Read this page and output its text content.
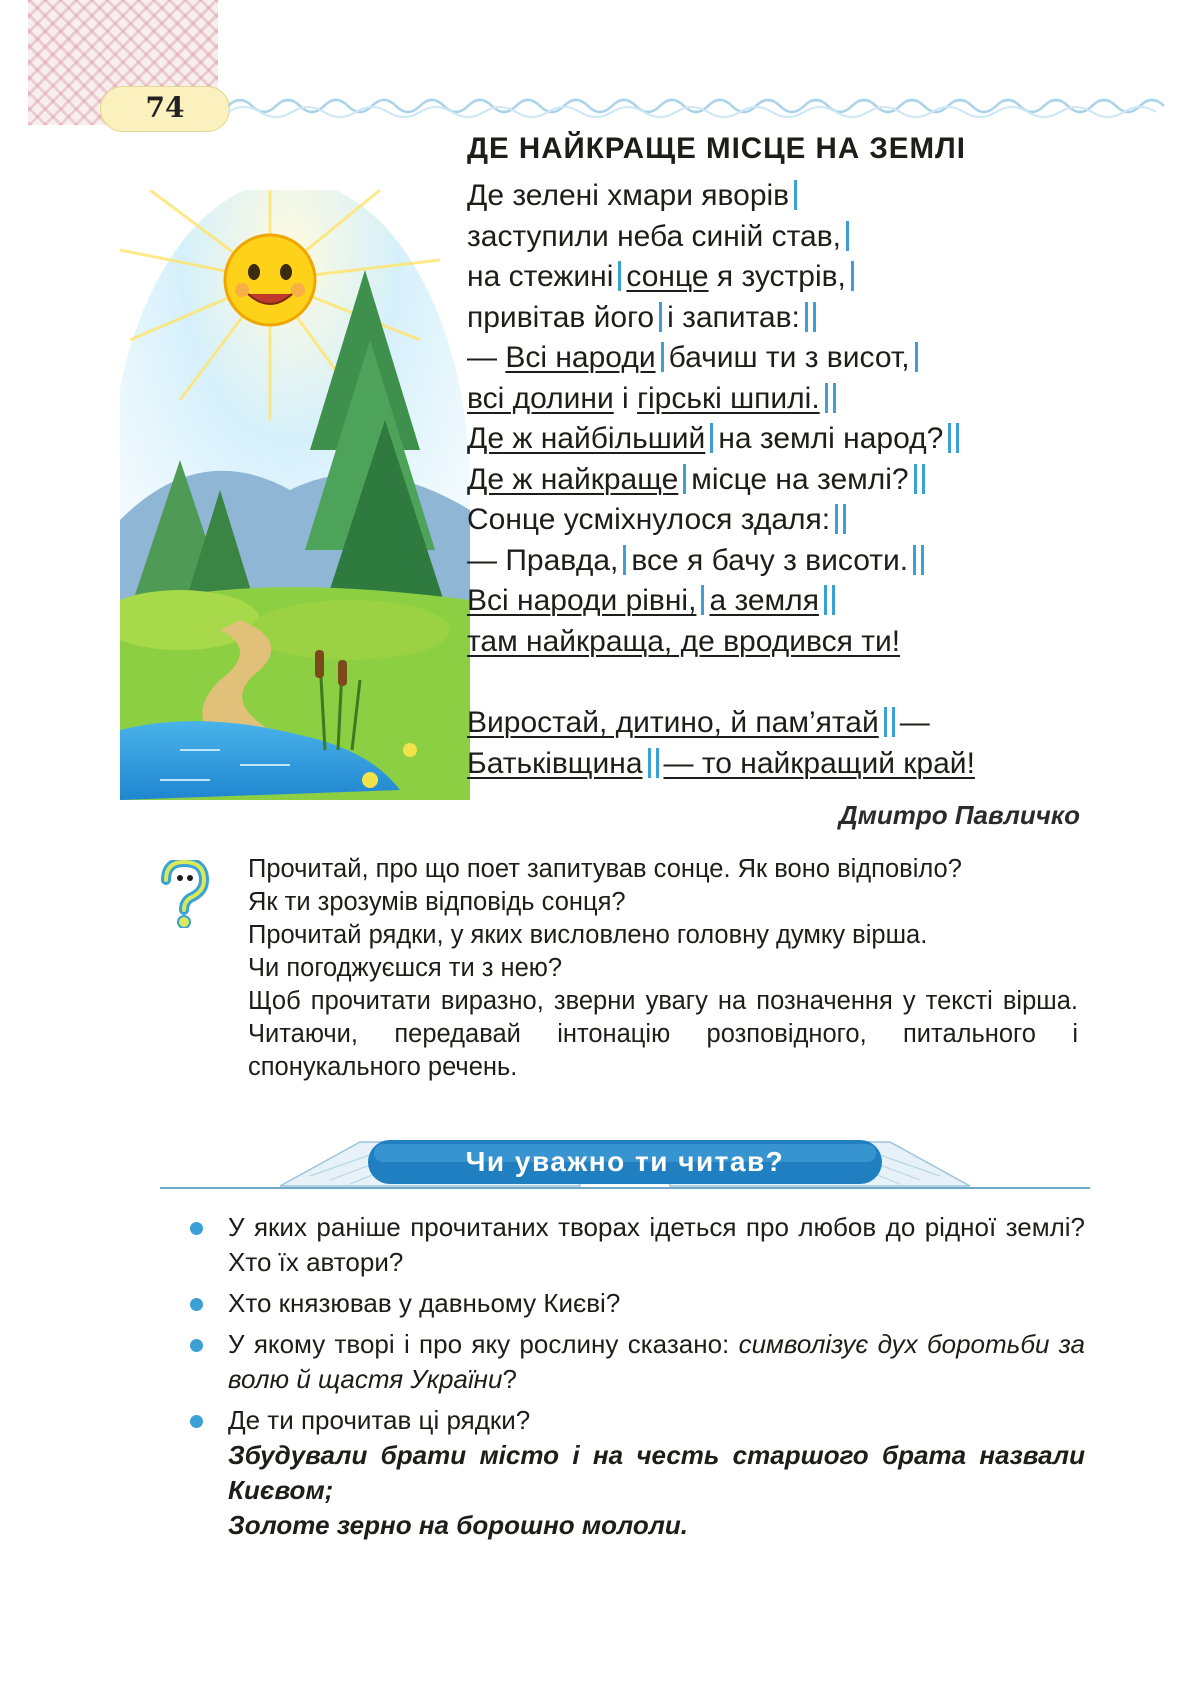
74
ДЕ НАЙКРАЩЕ МІСЦЕ НА ЗЕМЛІ
Де зелені хмари яворів
заступили неба синій став,
на стежині сонце я зустрів,
привітав його і запитав:
— Всі народи бачиш ти з висот,
всі долини і гірські шпилі.
Де ж найбільший на землі народ?
Де ж найкраще місце на землі?
Сонце усміхнулося здаля:
— Правда, все я бачу з висоти.
Всі народи рівні, а земля
там найкраща, де вродився ти!
Виростай, дитино, й пам’ятай —
Батьківщина — то найкращий край!
Дмитро Павличко

Прочитай, про що поет запитував сонце. Як воно відповіло?

Як ти зрозумів відповідь сонця?

Прочитай рядки, у яких висловлено головну думку вірша.

Чи погоджуєшся ти з нею?

Щоб прочитати виразно, зверни увагу на позначення у тексті вірша. Читаючи, передавай інтонацію розповідного, питального і спонукального речень.

Чи уважно ти читав?
У яких раніше прочитаних творах ідеться про любов до рідної землі? Хто їх автори?
Хто князював у давньому Києві?
У якому творі і про яку рослину сказано: символізує дух боротьби за волю й щастя України?
Де ти прочитав ці рядки?
Збудували брати місто і на честь старшого брата назвали Києвом;
Золоте зерно на борошно мололи.
